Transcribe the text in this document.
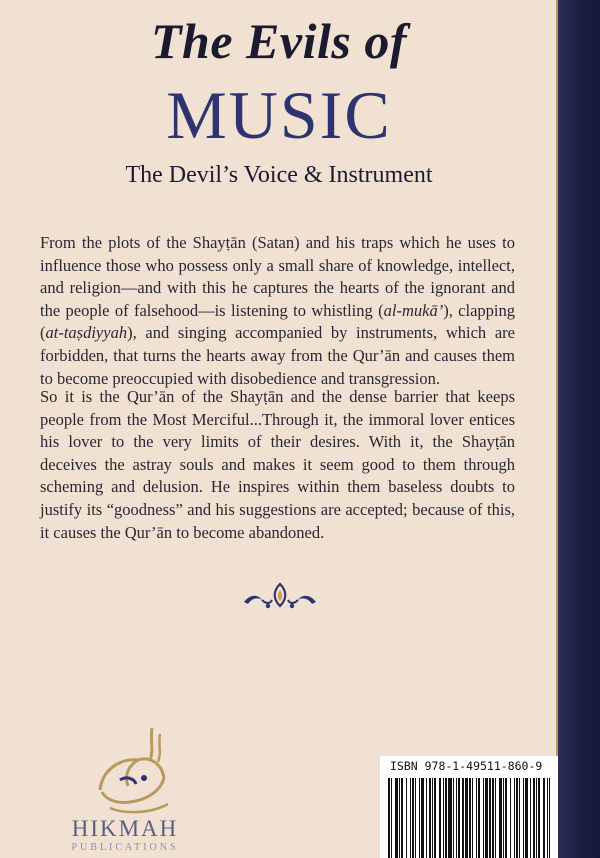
The Evils of
MUSIC
The Devil’s Voice & Instrument

From the plots of the Shayṭān (Satan) and his traps which he uses to influence those who possess only a small share of knowledge, intellect, and religion—and with this he captures the hearts of the ignorant and the people of falsehood—is listening to whistling (al-mukā’), clapping (at-taṣdiyyah), and singing accompanied by instruments, which are forbidden, that turns the hearts away from the Qur’ān and causes them to become preoccupied with disobedience and transgression.

So it is the Qur’ān of the Shayṭān and the dense barrier that keeps people from the Most Merciful...Through it, the immoral lover entices his lover to the very limits of their desires. With it, the Shayṭān deceives the astray souls and makes it seem good to them through scheming and delusion. He inspires within them baseless doubts to justify its “goodness” and his suggestions are accepted; because of this, it causes the Qur’ān to become abandoned.

HIKMAH
PUBLICATIONS
ISBN 978-1-49511-860-9
